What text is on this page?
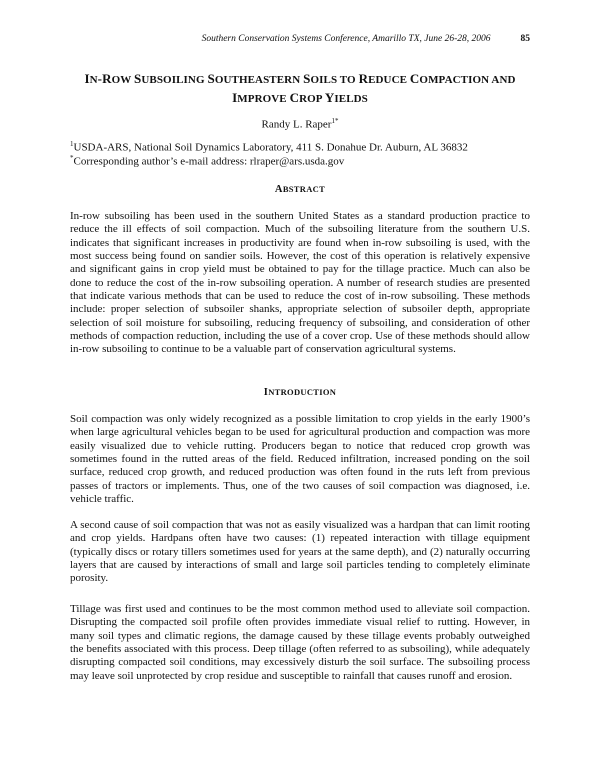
Southern Conservation Systems Conference, Amarillo TX, June 26-28, 2006	85
IN-ROW SUBSOILING SOUTHEASTERN SOILS TO REDUCE COMPACTION AND
IMPROVE CROP YIELDS
Randy L. Raper$^{1*}$
$^1$USDA-ARS, National Soil Dynamics Laboratory, 411 S. Donahue Dr. Auburn, AL 36832
*Corresponding author’s e-mail address: rlraper@ars.usda.gov
ABSTRACT

In-row subsoiling has been used in the southern United States as a standard production practice to reduce the ill effects of soil compaction. Much of the subsoiling literature from the southern U.S. indicates that significant increases in productivity are found when in-row subsoiling is used, with the most success being found on sandier soils. However, the cost of this operation is relatively expensive and significant gains in crop yield must be obtained to pay for the tillage practice. Much can also be done to reduce the cost of the in-row subsoiling operation. A number of research studies are presented that indicate various methods that can be used to reduce the cost of in-row subsoiling. These methods include: proper selection of subsoiler shanks, appropriate selection of subsoiler depth, appropriate selection of soil moisture for subsoiling, reducing frequency of subsoiling, and consideration of other methods of compaction reduction, including the use of a cover crop. Use of these methods should allow in-row subsoiling to continue to be a valuable part of conservation agricultural systems.

INTRODUCTION

Soil compaction was only widely recognized as a possible limitation to crop yields in the early 1900’s when large agricultural vehicles began to be used for agricultural production and compaction was more easily visualized due to vehicle rutting. Producers began to notice that reduced crop growth was sometimes found in the rutted areas of the field. Reduced infiltration, increased ponding on the soil surface, reduced crop growth, and reduced production was often found in the ruts left from previous passes of tractors or implements. Thus, one of the two causes of soil compaction was diagnosed, i.e. vehicle traffic.

A second cause of soil compaction that was not as easily visualized was a hardpan that can limit rooting and crop yields. Hardpans often have two causes: (1) repeated interaction with tillage equipment (typically discs or rotary tillers sometimes used for years at the same depth), and (2) naturally occurring layers that are caused by interactions of small and large soil particles tending to completely eliminate porosity.

Tillage was first used and continues to be the most common method used to alleviate soil compaction. Disrupting the compacted soil profile often provides immediate visual relief to rutting. However, in many soil types and climatic regions, the damage caused by these tillage events probably outweighed the benefits associated with this process. Deep tillage (often referred to as subsoiling), while adequately disrupting compacted soil conditions, may excessively disturb the soil surface. The subsoiling process may leave soil unprotected by crop residue and susceptible to rainfall that causes runoff and erosion.
